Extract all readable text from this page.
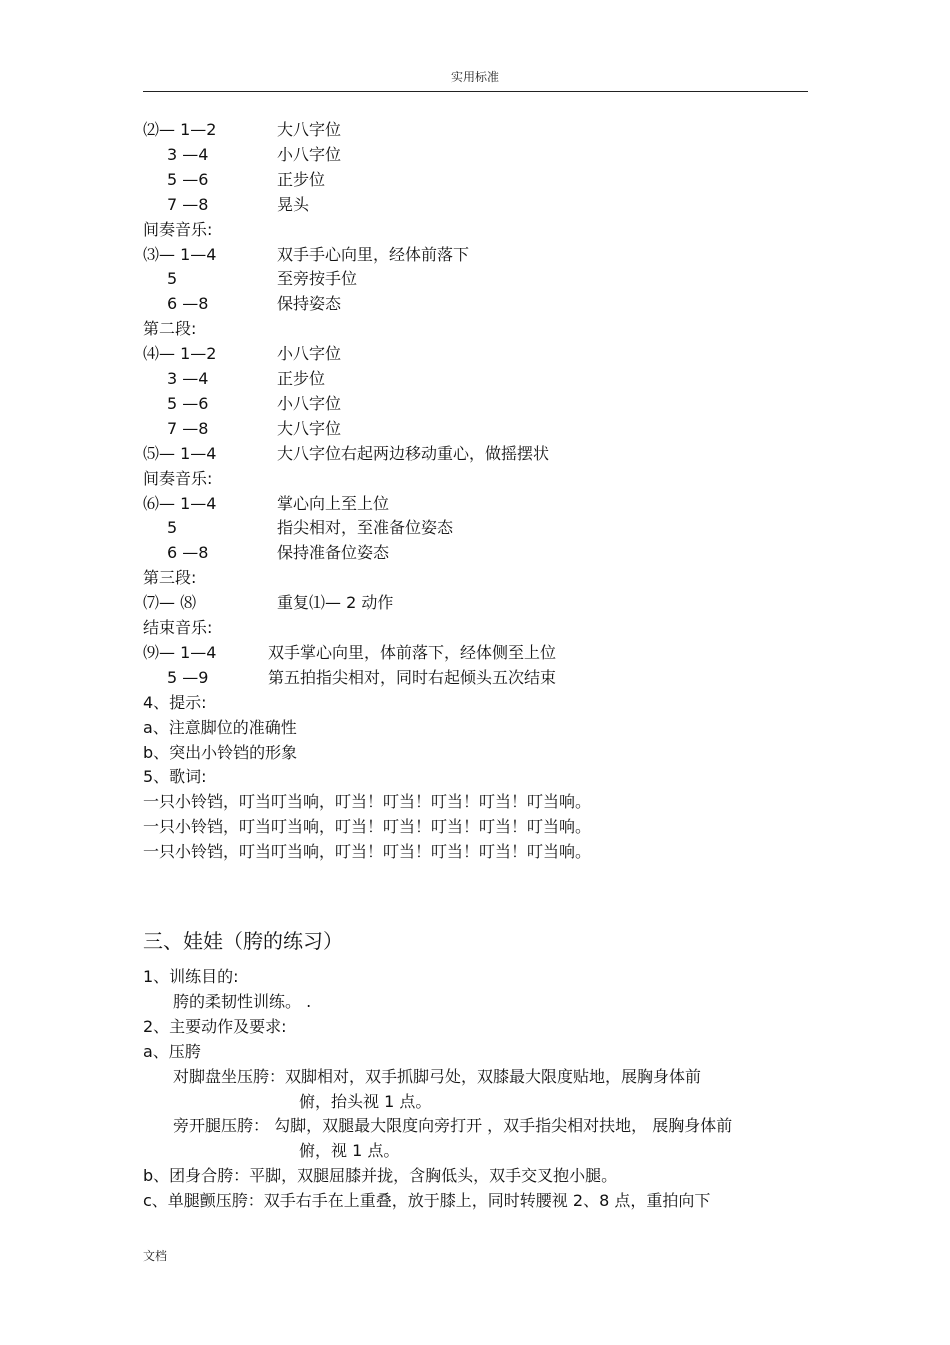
实用标准
⑵— 1—2	大八字位
3 —4	小八字位
5 —6	正步位
7 —8	晃头
间奏音乐:
⑶— 1—4	双手手心向里，经体前落下
5	至旁按手位
6 —8	保持姿态
第二段:
⑷— 1—2	小八字位
3 —4	正步位
5 —6	小八字位
7 —8	大八字位
⑸— 1—4	大八字位右起两边移动重心，做摇摆状
间奏音乐:
⑹— 1—4	掌心向上至上位
5	指尖相对，至准备位姿态
6 —8	保持准备位姿态
第三段:
⑺— ⑻	重复⑴— 2 动作
结束音乐:
⑼— 1—4	双手掌心向里，体前落下，经体侧至上位
5 —9	第五拍指尖相对，同时右起倾头五次结束
4、提示:
a、注意脚位的准确性
b、突出小铃铛的形象
5、歌词:
一只小铃铛，叮当叮当响，叮当！叮当！叮当！叮当！叮当响。
一只小铃铛，叮当叮当响，叮当！叮当！叮当！叮当！叮当响。
一只小铃铛，叮当叮当响，叮当！叮当！叮当！叮当！叮当响。
三、娃娃（胯的练习）
1、训练目的:
胯的柔韧性训练。 .
2、主要动作及要求:
a、压胯
对脚盘坐压胯：双脚相对，双手抓脚弓处，双膝最大限度贴地，展胸身体前
俯，抬头视 1 点。
旁开腿压胯： 勾脚，双腿最大限度向旁打开 ，双手指尖相对扶地， 展胸身体前
俯，视 1 点。
b、团身合胯：平脚，双腿屈膝并拢，含胸低头，双手交叉抱小腿。
c、单腿颤压胯：双手右手在上重叠，放于膝上，同时转腰视 2、8 点，重拍向下
文档
